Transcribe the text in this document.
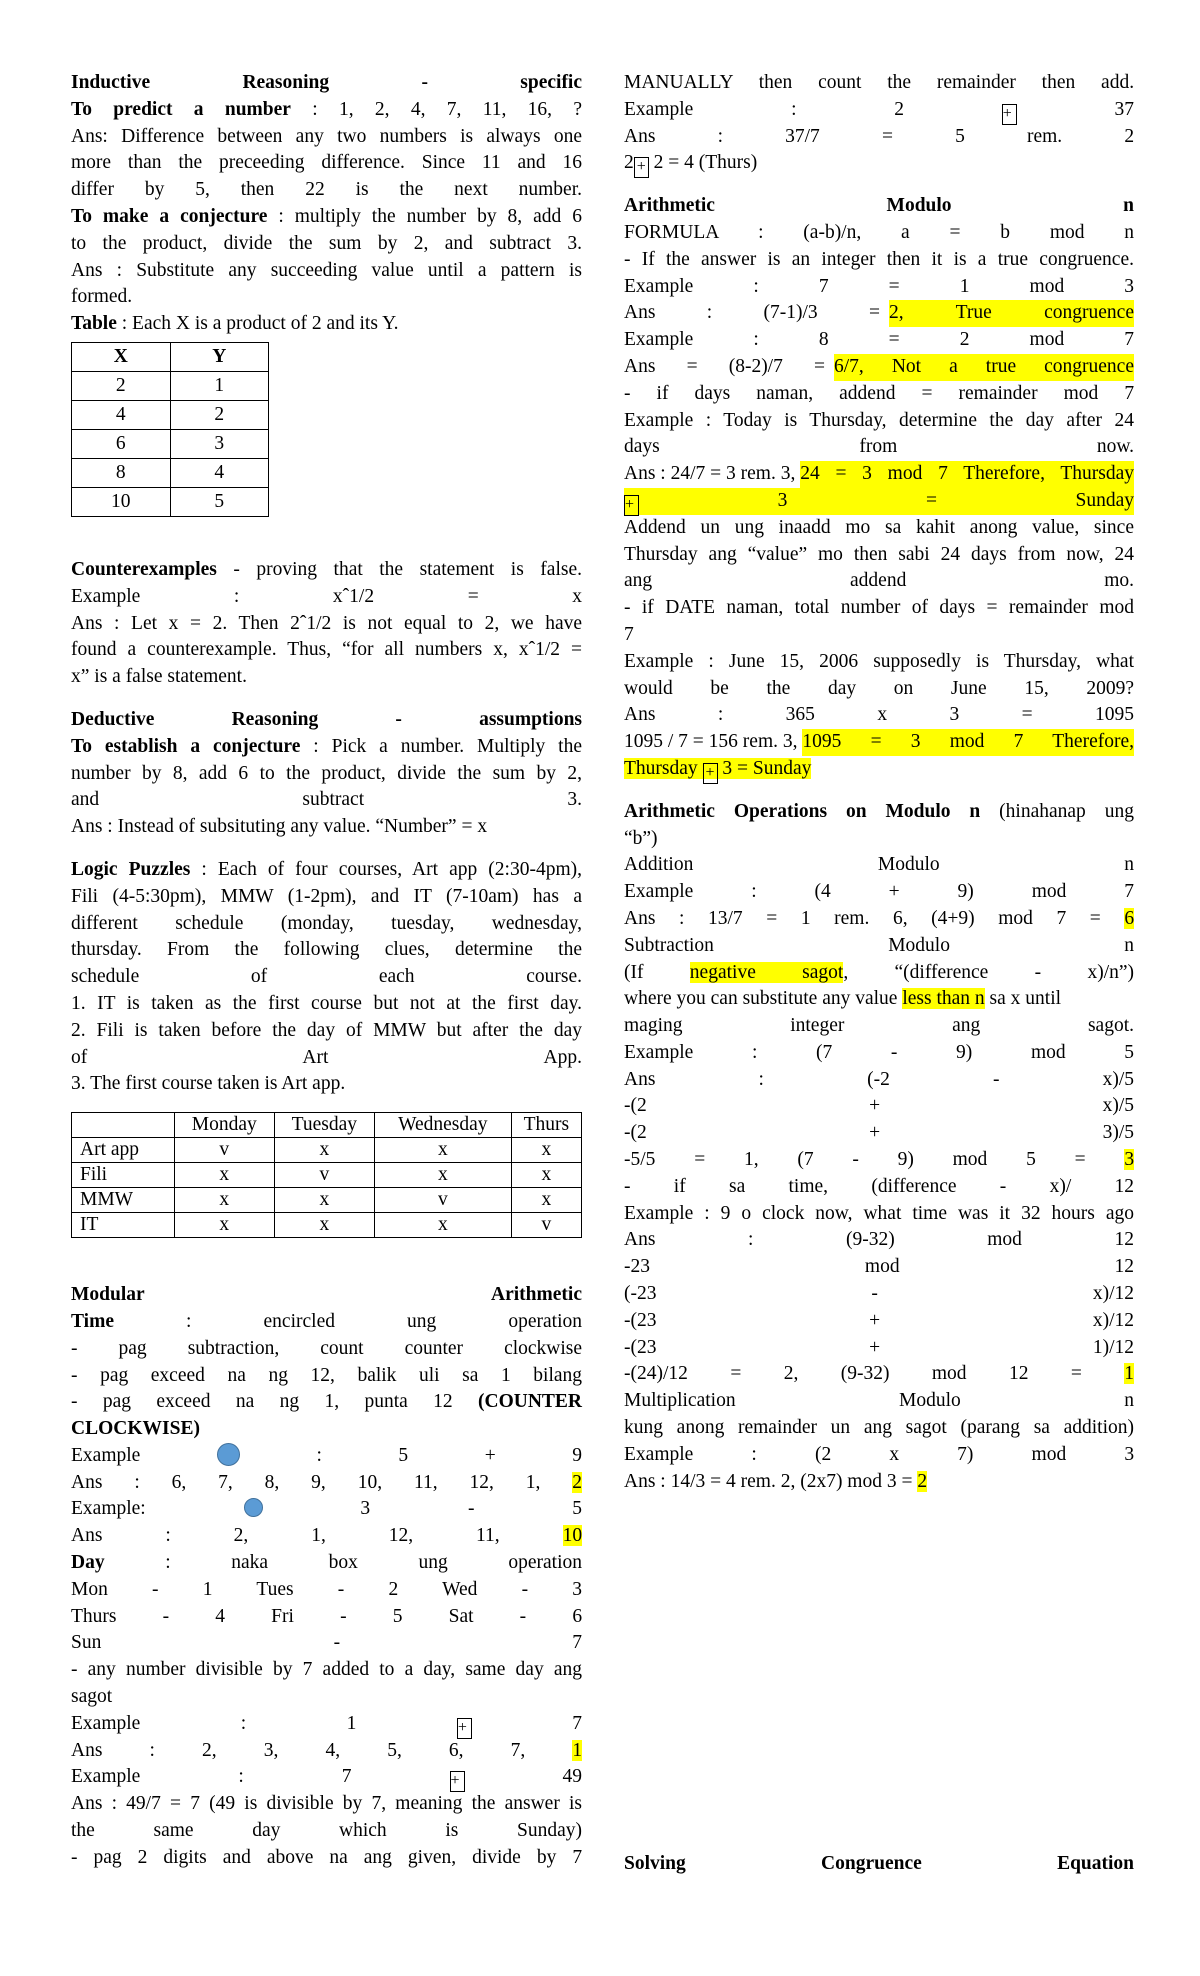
Inductive	Reasoning	-	specific
To predict a number : 1, 2, 4, 7, 11, 16, ?
Ans: Difference between any two numbers is always one
more than the preceeding difference. Since 11 and 16
differ by 5, then 22 is the next number.
To make a conjecture : multiply the number by 8, add 6
to the product, divide the sum by 2, and subtract 3.
Ans : Substitute any succeeding value until a pattern is
formed.
Table : Each X is a product of 2 and its Y.
X	Y
2	1
4	2
6	3
8	4
10	5
Counterexamples - proving that the statement is false.
Example	:	xˆ1/2	=	x
Ans : Let x = 2. Then 2ˆ1/2 is not equal to 2, we have
found a counterexample. Thus, “for all numbers x, xˆ1/2 =
x” is a false statement.
Deductive	Reasoning	-	assumptions
To establish a conjecture : Pick a number. Multiply the
number by 8, add 6 to the product, divide the sum by 2,
and	subtract	3.
Ans : Instead of subsituting any value. “Number” = x
Logic Puzzles : Each of four courses, Art app (2:30-4pm),
Fili (4-5:30pm), MMW (1-2pm), and IT (7-10am) has a
different schedule (monday, tuesday, wednesday,
thursday. From the following clues, determine the
schedule	of	each	course.
1. IT is taken as the first course but not at the first day.
2. Fili is taken before the day of MMW but after the day
of	Art	App.
3. The first course taken is Art app.
	Monday	Tuesday	Wednesday	Thurs
Art app	v	x	x	x
Fili	x	v	x	x
MMW	x	x	v	x
IT	x	x	x	v
Modular	Arithmetic
Time	:	encircled	ung	operation
- pag subtraction, count counter clockwise
- pag exceed na ng 12, balik uli sa 1 bilang
- pag exceed na ng 1, punta 12 (COUNTER
CLOCKWISE)
Example	:	5	+	9
Ans : 6, 7, 8, 9, 10, 11, 12, 1, 2
Example:	3	-	5
Ans	:	2,	1,	12,	11,	10
Day	:	naka	box	ung	operation
Mon - 1 Tues - 2 Wed - 3
Thurs - 4 Fri - 5 Sat - 6
Sun	-	7
- any number divisible by 7 added to a day, same day ang
sagot
Example	:	1	+	7
Ans : 2, 3, 4, 5, 6, 7, 1
Example	:	7	+	49
Ans : 49/7 = 7 (49 is divisible by 7, meaning the answer is
the	same	day	which	is	Sunday)
- pag 2 digits and above na ang given, divide by 7
MANUALLY then count the remainder then add.
Example	:	2	+	37
Ans	:	37/7	=	5	rem.	2
2 + 2 = 4 (Thurs)
Arithmetic	Modulo	n
FORMULA : (a-b)/n, a = b mod n
- If the answer is an integer then it is a true congruence.
Example	:	7	=	1	mod	3
Ans	:	(7-1)/3	= 2, True congruence
Example	:	8	=	2	mod	7
Ans = (8-2)/7 = 6/7, Not a true congruence
- if days naman, addend = remainder mod 7
Example : Today is Thursday, determine the day after 24
days	from	now.
Ans : 24/7 = 3 rem. 3,
24 = 3 mod 7 Therefore, Thursday
+	3	=	Sunday
Addend un ung inaadd mo sa kahit anong value, since
Thursday ang “value” mo then sabi 24 days from now, 24
ang	addend	mo.
- if DATE naman, total number of days = remainder mod
7
Example : June 15, 2006 supposedly is Thursday, what
would be the day on June 15, 2009?
Ans	:	365	x	3	=	1095
1095 / 7 = 156 rem. 3,
1095 = 3 mod 7 Therefore,
Thursday + 3 = Sunday
Arithmetic Operations on Modulo n (hinahanap ung
“b”)
Addition	Modulo	n
Example	:	(4	+	9)	mod	7
Ans : 13/7 = 1 rem. 6, (4+9) mod 7 = 6
Subtraction	Modulo	n
(If negative sagot, “(difference - x)/n”)
where you can substitute any value less than n sa x until
maging	integer	ang	sagot.
Example	:	(7	-	9)	mod	5
Ans	:	(-2	-	x)/5
-(2	+	x)/5
-(2	+	3)/5
-5/5 = 1, (7 - 9) mod 5 = 3
- if sa time, (difference - x)/ 12
Example : 9 o clock now, what time was it 32 hours ago
Ans	:	(9-32)	mod	12
-23	mod	12
(-23	-	x)/12
-(23	+	x)/12
-(23	+	1)/12
-(24)/12 = 2, (9-32) mod 12 = 1
Multiplication	Modulo	n
kung anong remainder un ang sagot (parang sa addition)
Example	:	(2	x	7)	mod	3
Ans : 14/3 = 4 rem. 2, (2x7) mod 3 = 2
Solving	Congruence	Equation
